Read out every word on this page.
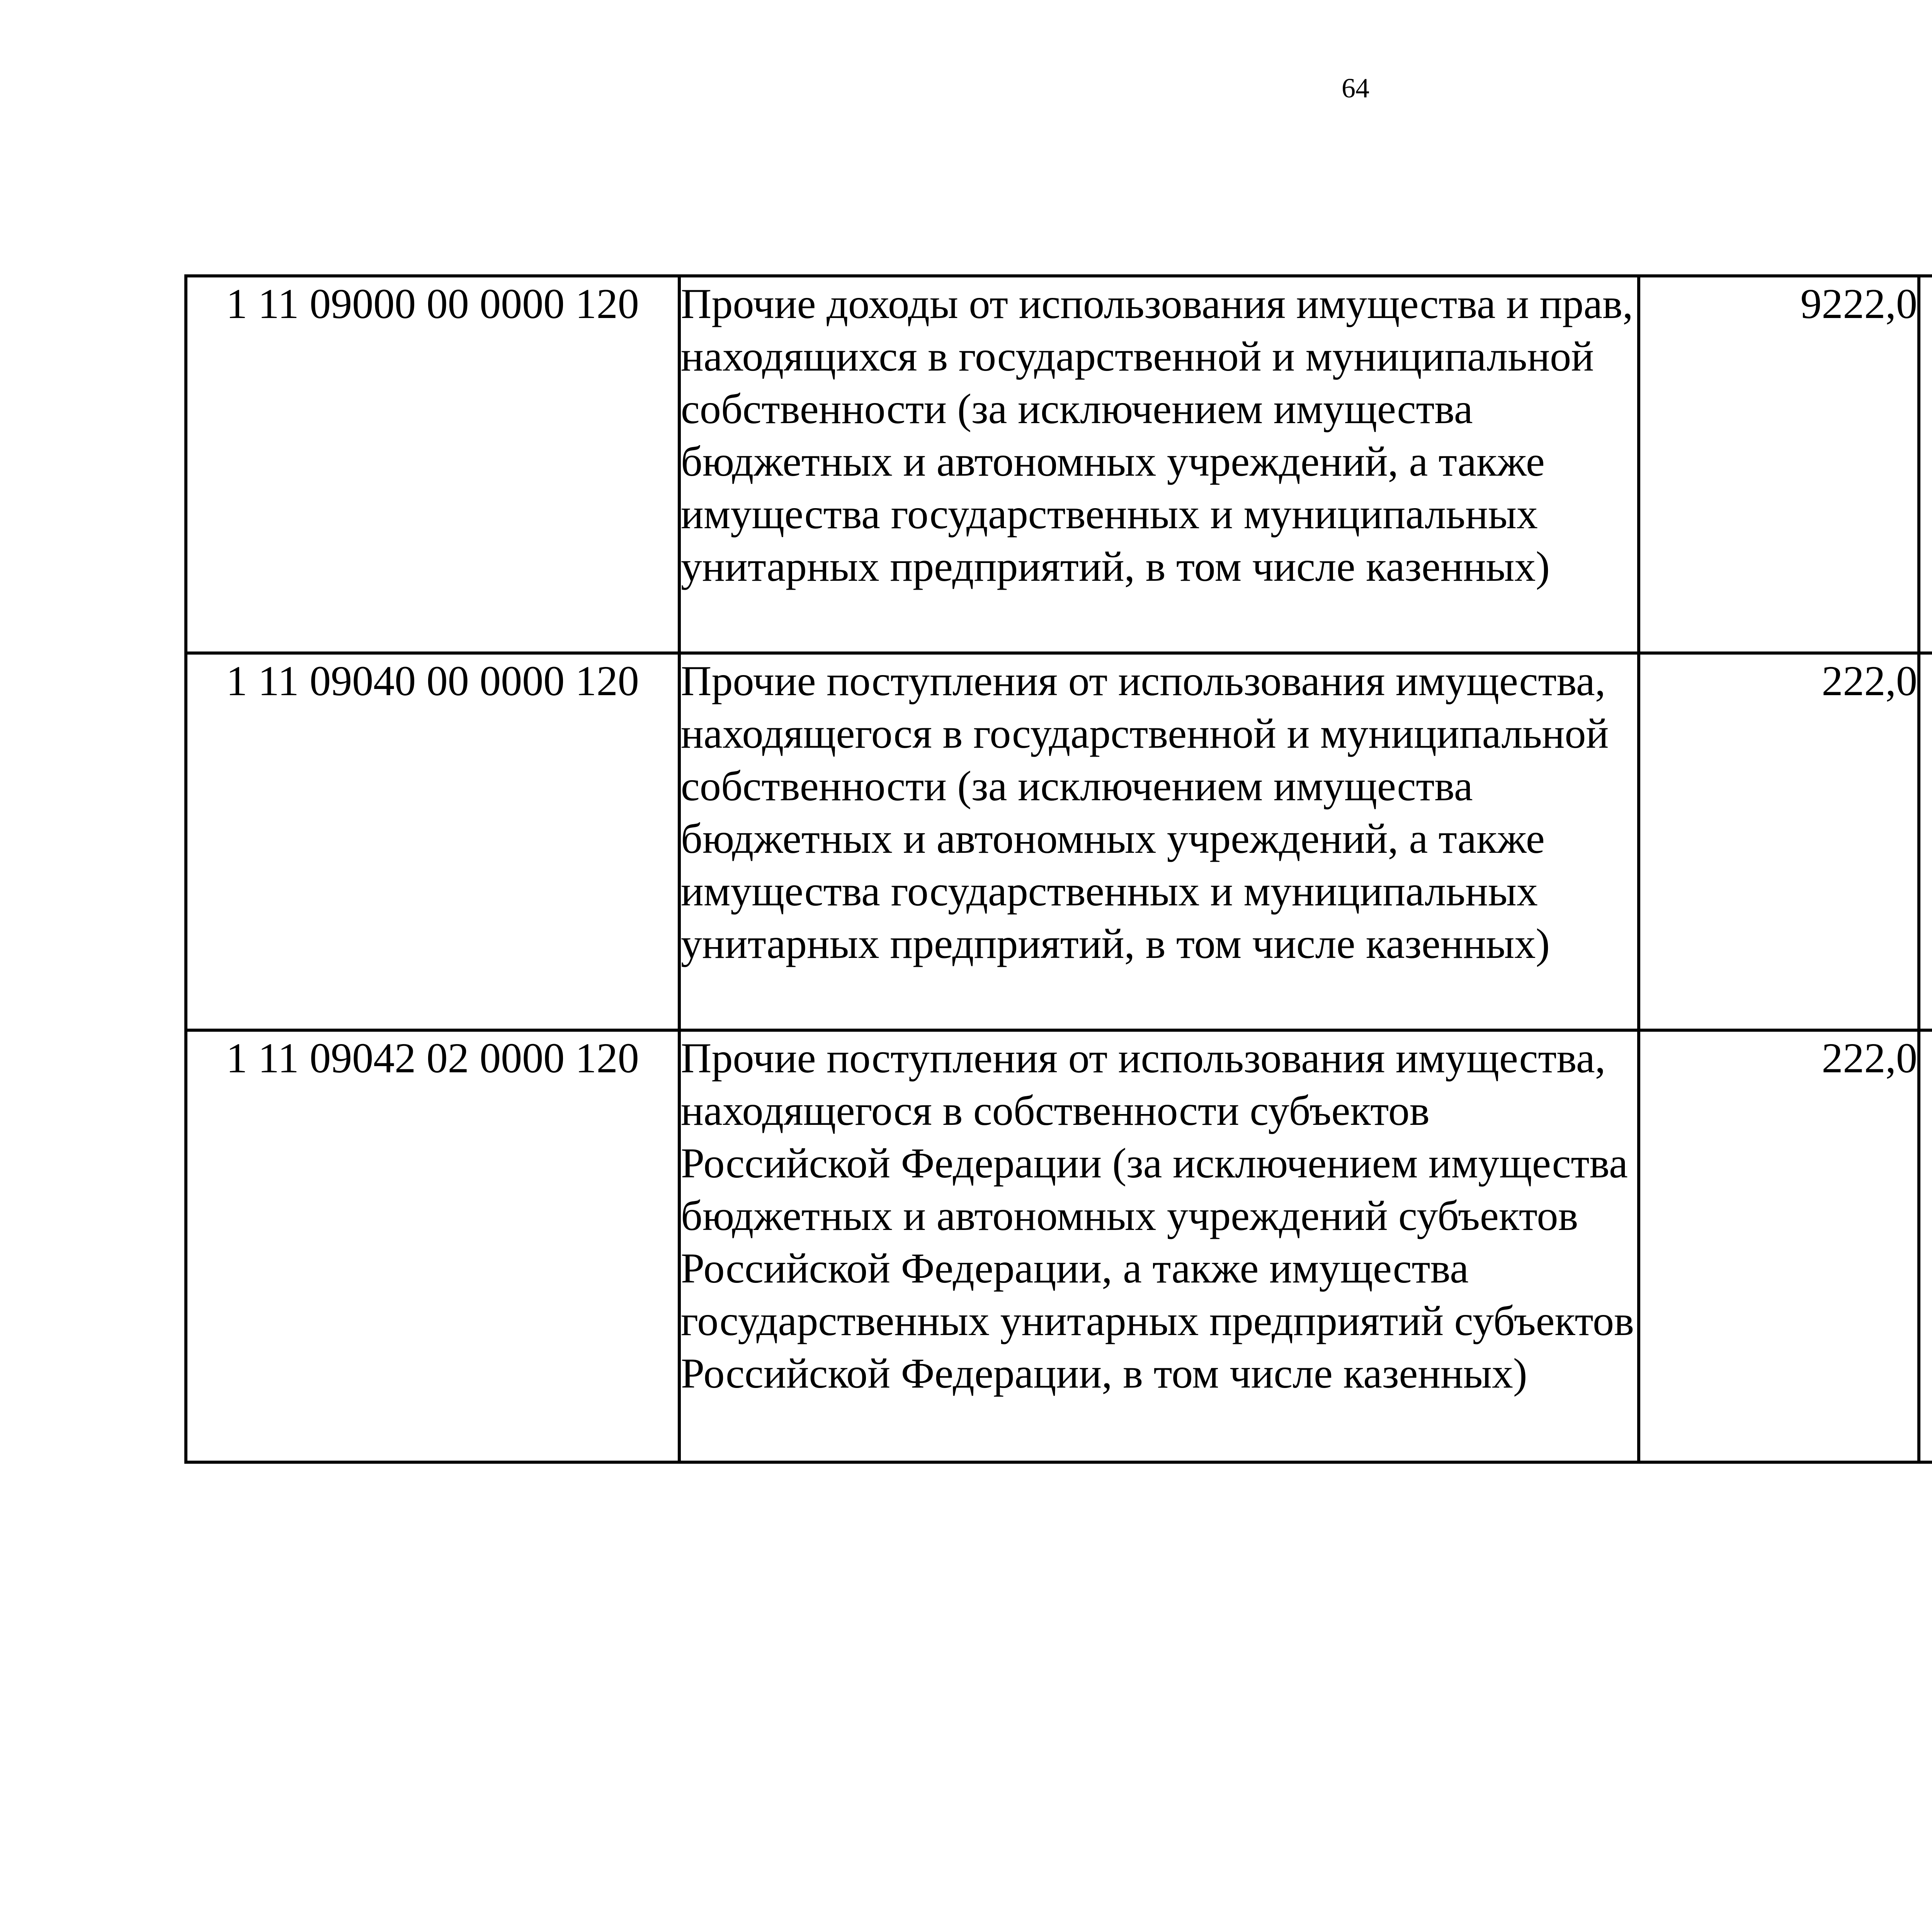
64
1 11 09000 00 0000 120	Прочие доходы от использования имущества и прав, находящихся в государственной и муниципальной собственности (за исключением имущества бюджетных и автономных учреждений, а также имущества государственных и муниципальных унитарных предприятий, в том числе казенных)	9222,0		
1 11 09040 00 0000 120	Прочие поступления от использования имущества, находящегося в государственной и муниципальной собственности (за исключением имущества бюджетных и автономных учреждений, а также имущества государственных и муниципальных унитарных предприятий, в том числе казенных)	222,0		
1 11 09042 02 0000 120	Прочие поступления от использования имущества, находящегося в собственности субъектов Российской Федерации (за исключением имущества бюджетных и автономных учреждений субъектов Российской Федерации, а также имущества государственных унитарных предприятий субъектов Российской Федерации, в том числе казенных)	222,0		
